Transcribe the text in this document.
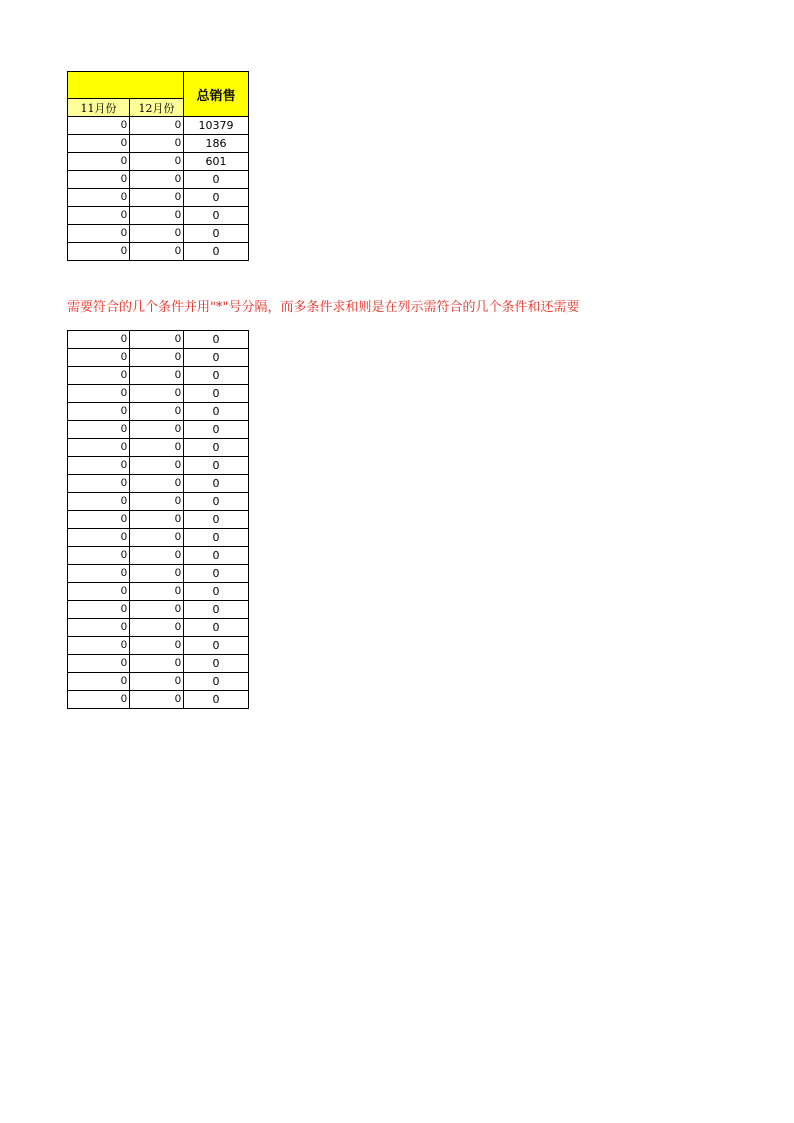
		总销售
11月份	12月份	
0	0	10379
0	0	186
0	0	601
0	0	0
0	0	0
0	0	0
0	0	0
0	0	0
需要符合的几个条件并用"*"号分隔，而多条件求和则是在列示需符合的几个条件和还需要
0	0	0
0	0	0
0	0	0
0	0	0
0	0	0
0	0	0
0	0	0
0	0	0
0	0	0
0	0	0
0	0	0
0	0	0
0	0	0
0	0	0
0	0	0
0	0	0
0	0	0
0	0	0
0	0	0
0	0	0
0	0	0
